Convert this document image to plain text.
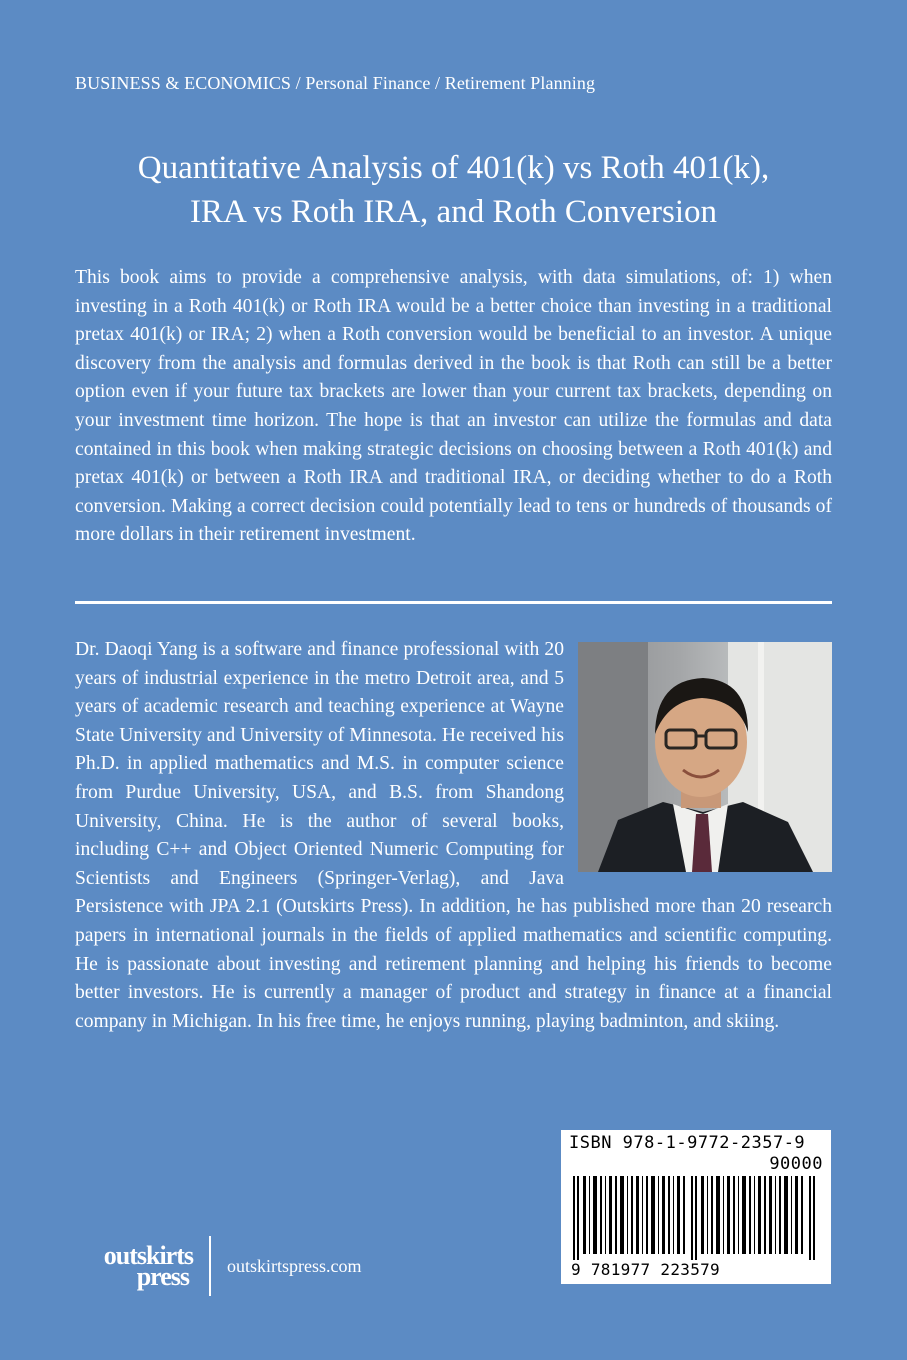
BUSINESS & ECONOMICS / Personal Finance / Retirement Planning
Quantitative Analysis of 401(k) vs Roth 401(k),
IRA vs Roth IRA, and Roth Conversion

This book aims to provide a comprehensive analysis, with data simulations, of: 1) when investing in a Roth 401(k) or Roth IRA would be a better choice than investing in a traditional pretax 401(k) or IRA; 2) when a Roth conversion would be beneficial to an investor. A unique discovery from the analysis and formulas derived in the book is that Roth can still be a better option even if your future tax brackets are lower than your current tax brackets, depending on your investment time horizon. The hope is that an investor can utilize the formulas and data contained in this book when making strategic decisions on choosing between a Roth 401(k) and pretax 401(k) or between a Roth IRA and traditional IRA, or deciding whether to do a Roth conversion. Making a correct decision could potentially lead to tens or hundreds of thousands of more dollars in their retirement investment.

Dr. Daoqi Yang is a software and finance professional with 20 years of industrial experience in the metro Detroit area, and 5 years of academic research and teaching experience at Wayne State University and University of Minnesota. He received his Ph.D. in applied mathematics and M.S. in computer science from Purdue University, USA, and B.S. from Shandong University, China. He is the author of several books, including C++ and Object Oriented Numeric Computing for Scientists and Engineers (Springer-Verlag), and Java Persistence with JPA 2.1 (Outskirts Press). In addition, he has published more than 20 research papers in international journals in the fields of applied mathematics and scientific computing. He is passionate about investing and retirement planning and helping his friends to become better investors. He is currently a manager of product and strategy in finance at a financial company in Michigan. In his free time, he enjoys running, playing badminton, and skiing.

ISBN 978-1-9772-2357-9
90000
9 781977 223579
outskirts
press outskirtspress.com
